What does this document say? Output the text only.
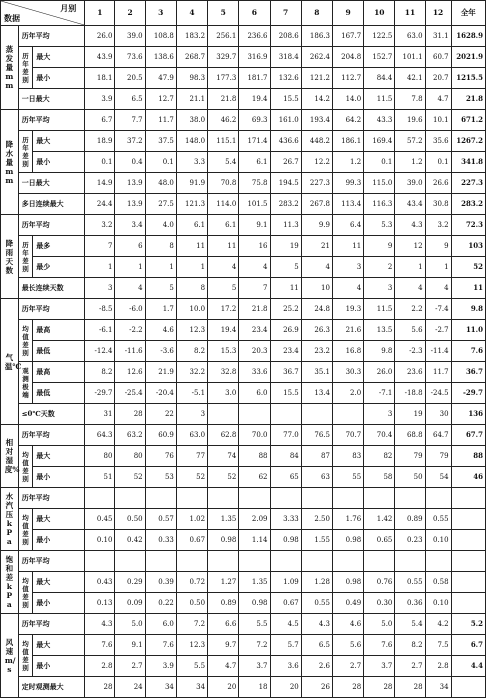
月别
数据			1	2	3	4	5	6	7	8	9	10	11	12	全年

蒸发量mm	历年平均		26.0	39.0	108.8	183.2	256.1	236.6	208.6	186.3	167.7	122.5	63.0	31.1	1628.9

	历年差别	最大	43.9	73.6	138.6	268.7	329.7	316.9	318.4	262.4	204.8	152.7	101.1	60.7	2021.9
		最小	18.1	20.5	47.9	98.3	177.3	181.7	132.6	121.2	112.7	84.4	42.1	20.7	1215.5
	一日最大		3.9	6.5	12.7	21.1	21.8	19.4	15.5	14.2	14.0	11.5	7.8	4.7	21.8

降水量mm	历年平均		6.7	7.7	11.7	38.0	46.2	69.3	161.0	193.4	64.2	43.3	19.6	10.1	671.2

	历年差别	最大	18.9	37.2	37.5	148.0	115.1	171.4	436.6	448.2	186.1	169.4	57.2	35.6	1267.2
		最小	0.1	0.4	0.1	3.3	5.4	6.1	26.7	12.2	1.2	0.1	1.2	0.1	341.8
	一日最大		14.9	13.9	48.0	91.9	70.8	75.8	194.5	227.3	99.3	115.0	39.0	26.6	227.3
	多日连续最大		24.4	13.9	27.5	121.3	114.0	101.5	283.2	267.8	113.4	116.3	43.4	30.8	283.2

降雨天数	历年平均		3.2	3.4	4.0	6.1	6.1	9.1	11.3	9.9	6.4	5.3	4.3	3.2	72.3

	历年差别	最多	7	6	8	11	11	16	19	21	11	9	12	9	103
		最少	1	1	1	1	4	4	5	4	3	2	1	1	52
	最长连续天数		3	4	5	8	5	7	11	10	4	3	4	4	11

气温℃	历年平均		-8.5	-6.0	1.7	10.0	17.2	21.8	25.2	24.8	19.3	11.5	2.2	-7.4	9.8

	均值差别	最高	-6.1	-2.2	4.6	12.3	19.4	23.4	26.9	26.3	21.6	13.5	5.6	-2.7	11.0
		最低	-12.4	-11.6	-3.6	8.2	15.3	20.3	23.4	23.2	16.8	9.8	-2.3	-11.4	7.6

	观测极端	最高	8.2	12.6	21.9	32.2	32.8	33.6	36.7	35.1	30.3	26.0	23.6	11.7	36.7
		最低	-29.7	-25.4	-20.4	-5.1	3.0	6.0	15.5	13.4	2.0	-7.1	-18.8	-24.5	-29.7
	≤0℃天数		31	28	22	3						3	19	30	136

相对湿度%	历年平均		64.3	63.2	60.9	63.0	62.8	70.0	77.0	76.5	70.7	70.4	68.8	64.7	67.7

	均值差别	最大	80	80	76	77	74	88	84	87	83	82	79	79	88
		最小	51	52	53	52	52	62	65	63	55	58	50	54	46

水汽压kPa	历年平均														

	均值差别	最大	0.45	0.50	0.57	1.02	1.35	2.09	3.33	2.50	1.76	1.42	0.89	0.55	
		最小	0.10	0.42	0.33	0.67	0.98	1.14	0.98	1.55	0.98	0.65	0.23	0.10	

饱和差kPa	历年平均														

	均值差别	最大	0.43	0.29	0.39	0.72	1.27	1.35	1.09	1.28	0.98	0.76	0.55	0.58	
		最小	0.13	0.09	0.22	0.50	0.89	0.98	0.67	0.55	0.49	0.30	0.36	0.10	

风速m/s	历年平均		4.3	5.0	6.0	7.2	6.6	5.5	4.5	4.3	4.6	5.0	5.4	4.2	5.2

	均值差别	最大	7.6	9.1	7.6	12.3	9.7	7.2	5.7	6.5	5.6	7.6	8.2	7.5	6.7
		最小	2.8	2.7	3.9	5.5	4.7	3.7	3.6	2.6	2.7	3.7	2.7	2.8	4.4
	定时观测最大		28	24	34	34	20	18	20	26	28	28	28	34	
